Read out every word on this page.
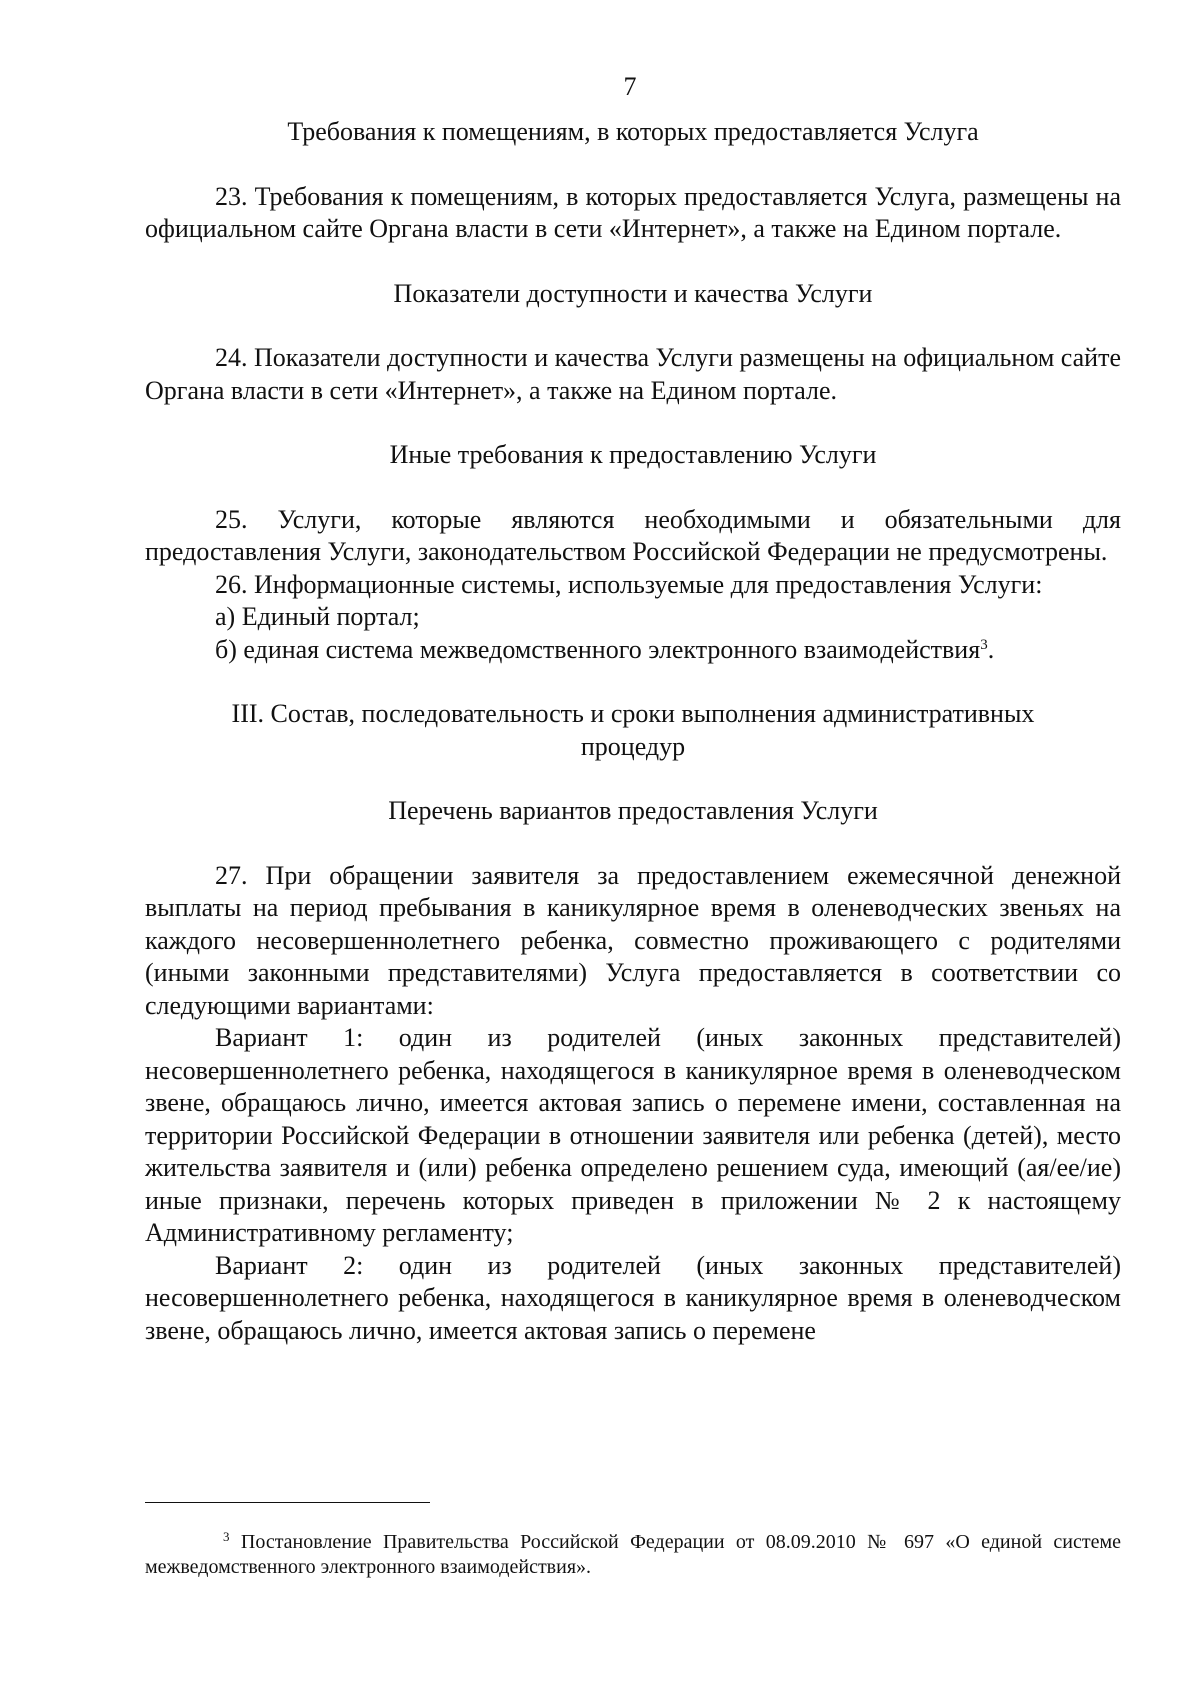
7

Требования к помещениям, в которых предоставляется Услуга

23. Требования к помещениям, в которых предоставляется Услуга, размещены на официальном сайте Органа власти в сети «Интернет», а также на Едином портале.

Показатели доступности и качества Услуги

24. Показатели доступности и качества Услуги размещены на официальном сайте Органа власти в сети «Интернет», а также на Едином портале.

Иные требования к предоставлению Услуги

25. Услуги, которые являются необходимыми и обязательными для предоставления Услуги, законодательством Российской Федерации не предусмотрены.

26. Информационные системы, используемые для предоставления Услуги:

а) Единый портал;

б) единая система межведомственного электронного взаимодействия$^3$.

III. Состав, последовательность и сроки выполнения административных

процедур

Перечень вариантов предоставления Услуги

27. При обращении заявителя за предоставлением ежемесячной денежной выплаты на период пребывания в каникулярное время в оленеводческих звеньях на каждого несовершеннолетнего ребенка, совместно проживающего с родителями (иными законными представителями) Услуга предоставляется в соответствии со следующими вариантами:

Вариант 1: один из родителей (иных законных представителей) несовершеннолетнего ребенка, находящегося в каникулярное время в оленеводческом звене, обращаюсь лично, имеется актовая запись о перемене имени, составленная на территории Российской Федерации в отношении заявителя или ребенка (детей), место жительства заявителя и (или) ребенка определено решением суда, имеющий (ая/ее/ие) иные признаки, перечень которых приведен в приложении № 2 к настоящему Административному регламенту;

Вариант 2: один из родителей (иных законных представителей) несовершеннолетнего ребенка, находящегося в каникулярное время в оленеводческом звене, обращаюсь лично, имеется актовая запись о перемене

$^3$ Постановление Правительства Российской Федерации от 08.09.2010 № 697 «О единой системе межведомственного электронного взаимодействия».
